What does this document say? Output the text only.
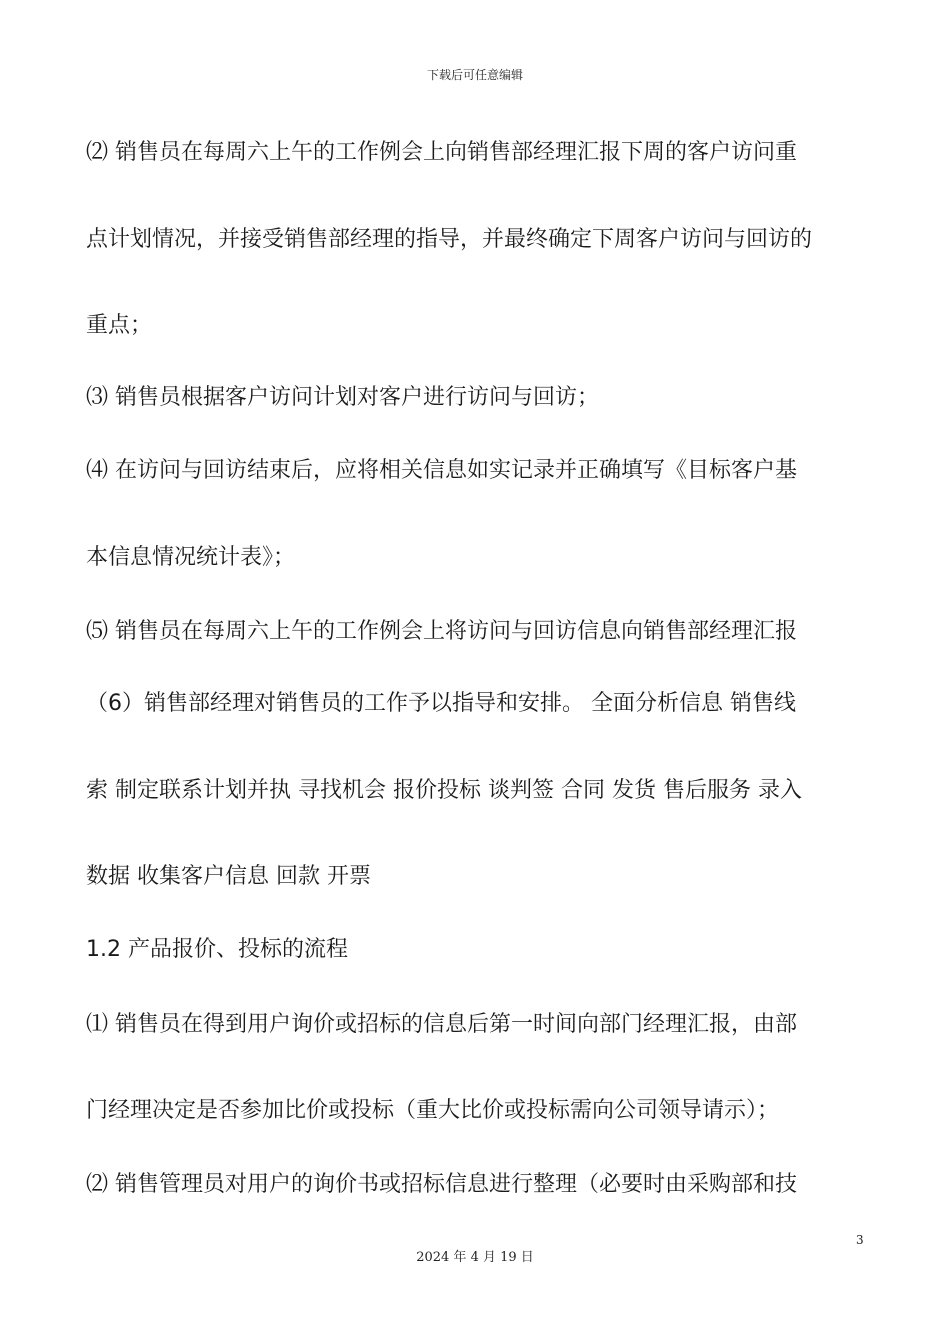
下载后可任意编辑
⑵ 销售员在每周六上午的工作例会上向销售部经理汇报下周的客户访问重
点计划情况，并接受销售部经理的指导，并最终确定下周客户访问与回访的
重点；
⑶ 销售员根据客户访问计划对客户进行访问与回访；
⑷ 在访问与回访结束后，应将相关信息如实记录并正确填写《目标客户基
本信息情况统计表》；
⑸ 销售员在每周六上午的工作例会上将访问与回访信息向销售部经理汇报
（6）销售部经理对销售员的工作予以指导和安排。 全面分析信息 销售线
索 制定联系计划并执 寻找机会 报价投标 谈判签 合同 发货 售后服务 录入
数据 收集客户信息 回款 开票
1.2 产品报价、投标的流程
⑴ 销售员在得到用户询价或招标的信息后第一时间向部门经理汇报，由部
门经理决定是否参加比价或投标（重大比价或投标需向公司领导请示）；
⑵ 销售管理员对用户的询价书或招标信息进行整理（必要时由采购部和技
3
2024 年 4 月 19 日
